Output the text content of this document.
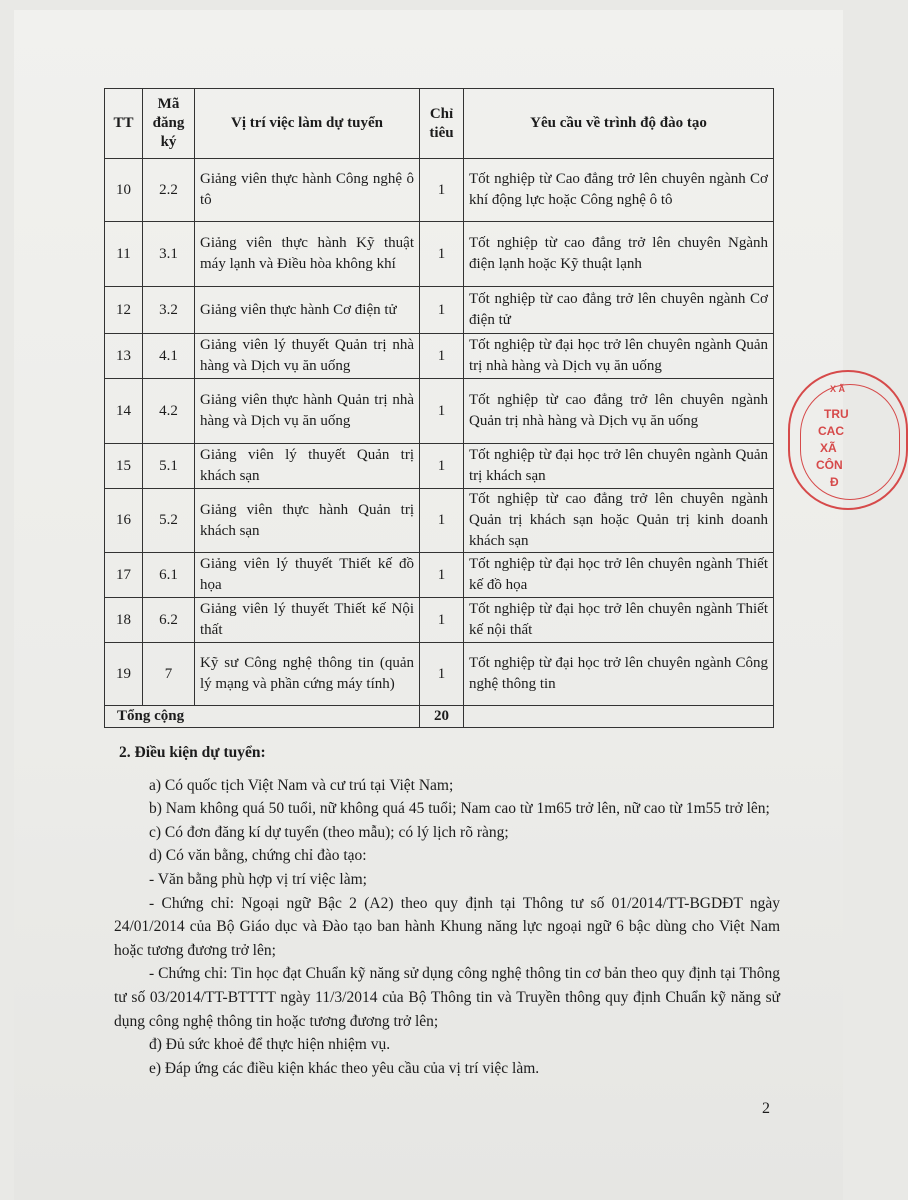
TT	Mã đăng ký	Vị trí việc làm dự tuyển	Chỉ tiêu	Yêu cầu về trình độ đào tạo
10	2.2	Giảng viên thực hành Công nghệ ô tô	1	Tốt nghiệp từ Cao đẳng trở lên chuyên ngành Cơ khí động lực hoặc Công nghệ ô tô
11	3.1	Giảng viên thực hành Kỹ thuật máy lạnh và Điều hòa không khí	1	Tốt nghiệp từ cao đẳng trở lên chuyên Ngành điện lạnh hoặc Kỹ thuật lạnh
12	3.2	Giảng viên thực hành Cơ điện tử	1	Tốt nghiệp từ cao đẳng trở lên chuyên ngành Cơ điện tử
13	4.1	Giảng viên lý thuyết Quản trị nhà hàng và Dịch vụ ăn uống	1	Tốt nghiệp từ đại học trở lên chuyên ngành Quản trị nhà hàng và Dịch vụ ăn uống
14	4.2	Giảng viên thực hành Quản trị nhà hàng và Dịch vụ ăn uống	1	Tốt nghiệp từ cao đẳng trở lên chuyên ngành Quản trị nhà hàng và Dịch vụ ăn uống
15	5.1	Giảng viên lý thuyết Quản trị khách sạn	1	Tốt nghiệp từ đại học trở lên chuyên ngành Quản trị khách sạn
16	5.2	Giảng viên thực hành Quản trị khách sạn	1	Tốt nghiệp từ cao đẳng trở lên chuyên ngành Quản trị khách sạn hoặc Quản trị kinh doanh khách sạn
17	6.1	Giảng viên lý thuyết Thiết kế đồ họa	1	Tốt nghiệp từ đại học trở lên chuyên ngành Thiết kế đồ họa
18	6.2	Giảng viên lý thuyết Thiết kế Nội thất	1	Tốt nghiệp từ đại học trở lên chuyên ngành Thiết kế nội thất
19	7	Kỹ sư Công nghệ thông tin (quản lý mạng và phần cứng máy tính)	1	Tốt nghiệp từ đại học trở lên chuyên ngành Công nghệ thông tin
Tổng cộng			20	
2. Điều kiện dự tuyển:

a) Có quốc tịch Việt Nam và cư trú tại Việt Nam;

b) Nam không quá 50 tuổi, nữ không quá 45 tuổi; Nam cao từ 1m65 trở lên, nữ cao từ 1m55 trở lên;

c) Có đơn đăng kí dự tuyển (theo mẫu); có lý lịch rõ ràng;

d) Có văn bằng, chứng chỉ đào tạo:

- Văn bằng phù hợp vị trí việc làm;

- Chứng chỉ: Ngoại ngữ Bậc 2 (A2) theo quy định tại Thông tư số 01/2014/TT-BGDĐT ngày 24/01/2014 của Bộ Giáo dục và Đào tạo ban hành Khung năng lực ngoại ngữ 6 bậc dùng cho Việt Nam hoặc tương đương trở lên;

- Chứng chỉ: Tin học đạt Chuẩn kỹ năng sử dụng công nghệ thông tin cơ bản theo quy định tại Thông tư số 03/2014/TT-BTTTT ngày 11/3/2014 của Bộ Thông tin và Truyền thông quy định Chuẩn kỹ năng sử dụng công nghệ thông tin hoặc tương đương trở lên;

đ) Đủ sức khoẻ để thực hiện nhiệm vụ.

e) Đáp ứng các điều kiện khác theo yêu cầu của vị trí việc làm.

2
X Ã
TRU
CAC
XÃ
CÔN
Đ
